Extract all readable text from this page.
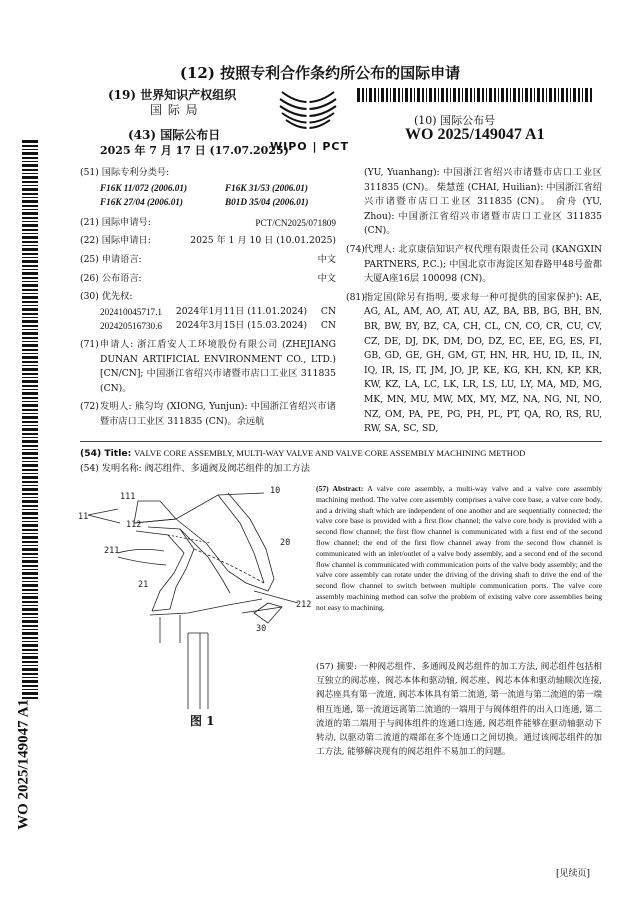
(12) 按照专利合作条约所公布的国际申请
(19) 世界知识产权组织
国 际 局
(43) 国际公布日
2025 年 7 月 17 日 (17.07.2025)
WIPO | PCT
(10) 国际公布号
WO 2025/149047 A1
WO 2025/149047 A1
(51) 国际专利分类号:
F16K 11/072 (2006.01)	F16K 31/53 (2006.01)
F16K 27/04 (2006.01)	B01D 35/04 (2006.01)
(21) 国际申请号:	PCT/CN2025/071809
(22) 国际申请日:	2025 年 1 月 10 日 (10.01.2025)
(25) 申请语言:	中文
(26) 公布语言:	中文
(30) 优先权:
202410045717.1 2024年1月11日 (11.01.2024) CN
202420516730.6 2024年3月15日 (15.03.2024) CN
(71) 申请人: 浙江盾安人工环境股份有限公司 (ZHEJIANG DUNAN ARTIFICIAL ENVIRONMENT CO., LTD.) [CN/CN]; 中国浙江省绍兴市诸暨市店口工业区 311835 (CN)。
(72) 发明人: 熊匀均 (XIONG, Yunjun): 中国浙江省绍兴市诸暨市店口工业区 311835 (CN)。余远航
(YU, Yuanhang): 中国浙江省绍兴市诸暨市店口工业区 311835 (CN)。 柴慧莲 (CHAI, Huilian): 中国浙江省绍兴市诸暨市店口工业区 311835 (CN)。 俞舟 (YU, Zhou): 中国浙江省绍兴市诸暨市店口工业区 311835 (CN)。
(74) 代理人: 北京康信知识产权代理有限责任公司 (KANGXIN PARTNERS, P.C.); 中国北京市海淀区知春路甲48号盈都大厦A座16层 100098 (CN)。
(81) 指定国(除另有指明, 要求每一种可提供的国家保护): AE, AG, AL, AM, AO, AT, AU, AZ, BA, BB, BG, BH, BN, BR, BW, BY, BZ, CA, CH, CL, CN, CO, CR, CU, CV, CZ, DE, DJ, DK, DM, DO, DZ, EC, EE, EG, ES, FI, GB, GD, GE, GH, GM, GT, HN, HR, HU, ID, IL, IN, IQ, IR, IS, IT, JM, JO, JP, KE, KG, KH, KN, KP, KR, KW, KZ, LA, LC, LK, LR, LS, LU, LY, MA, MD, MG, MK, MN, MU, MW, MX, MY, MZ, NA, NG, NI, NO, NZ, OM, PA, PE, PG, PH, PL, PT, QA, RO, RS, RU, RW, SA, SC, SD,
(54) Title: VALVE CORE ASSEMBLY, MULTI-WAY VALVE AND VALVE CORE ASSEMBLY MACHINING METHOD
(54) 发明名称: 阀芯组件、多通阀及阀芯组件的加工方法
111
10
11
112
211
20
21
212
30
图 1
(57) Abstract: A valve core assembly, a multi-way valve and a valve core assembly machining method. The valve core assembly comprises a valve core base, a valve core body, and a driving shaft which are independent of one another and are sequentially connected; the valve core base is provided with a first flow channel; the valve core body is provided with a second flow channel; the first flow channel is communicated with a first end of the second flow channel; the end of the first flow channel away from the second flow channel is communicated with an inlet/outlet of a valve body assembly, and a second end of the second flow channel is communicated with communication ports of the valve body assembly; and the valve core assembly can rotate under the driving of the driving shaft to drive the end of the second flow channel to switch between multiple communication ports. The valve core assembly machining method can solve the problem of existing valve core assemblies being not easy to machining.
(57) 摘要: 一种阀芯组件、多通阀及阀芯组件的加工方法, 阀芯组件包括相互独立的阀芯座、阀芯本体和驱动轴, 阀芯座、阀芯本体和驱动轴顺次连接, 阀芯座具有第一流道, 阀芯本体具有第二流道, 第一流道与第二流道的第一端相互连通, 第一流道远离第二流道的一端用于与阀体组件的出入口连通, 第二流道的第二端用于与阀体组件的连通口连通, 阀芯组件能够在驱动轴驱动下转动, 以驱动第二流道的端部在多个连通口之间切换。通过该阀芯组件的加工方法, 能够解决现有的阀芯组件不易加工的问题。
[见续页]
